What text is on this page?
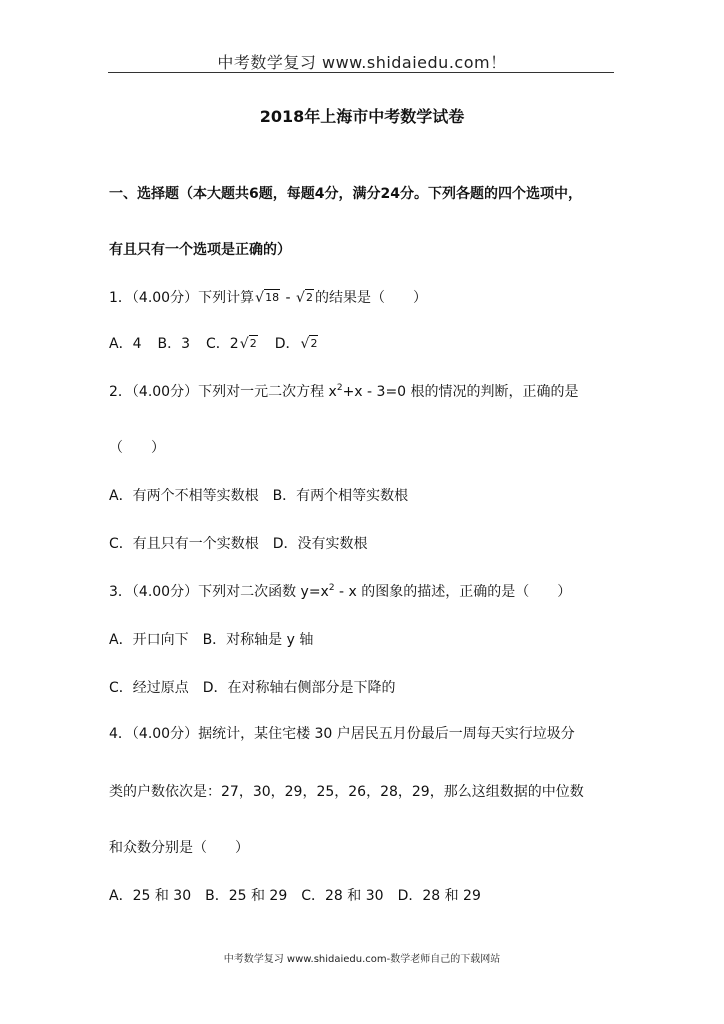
中考数学复习 www.shidaiedu.com！
2018年上海市中考数学试卷
一、选择题（本大题共6题，每题4分，满分24分。下列各题的四个选项中，
有且只有一个选项是正确的）
1．（4.00分）下列计算 √ 18 - √ 2 的结果是（　　）
A．4 B．3 C．2 √ 2 D． √ 2
2．（4.00分）下列对一元二次方程 $x^2+x - 3=0$ 根的情况的判断，正确的是
（　　）
A．有两个不相等实数根 B．有两个相等实数根
C．有且只有一个实数根 D．没有实数根
3．（4.00分）下列对二次函数 $y=x^2 - x$ 的图象的描述，正确的是（　　）
A．开口向下 B．对称轴是 y 轴
C．经过原点 D．在对称轴右侧部分是下降的
4．（4.00分）据统计，某住宅楼 30 户居民五月份最后一周每天实行垃圾分
类的户数依次是：27，30，29，25，26，28，29，那么这组数据的中位数
和众数分别是（　　）
A．25 和 30 B．25 和 29 C．28 和 30 D．28 和 29
中考数学复习 www.shidaiedu.com-数学老师自己的下载网站
